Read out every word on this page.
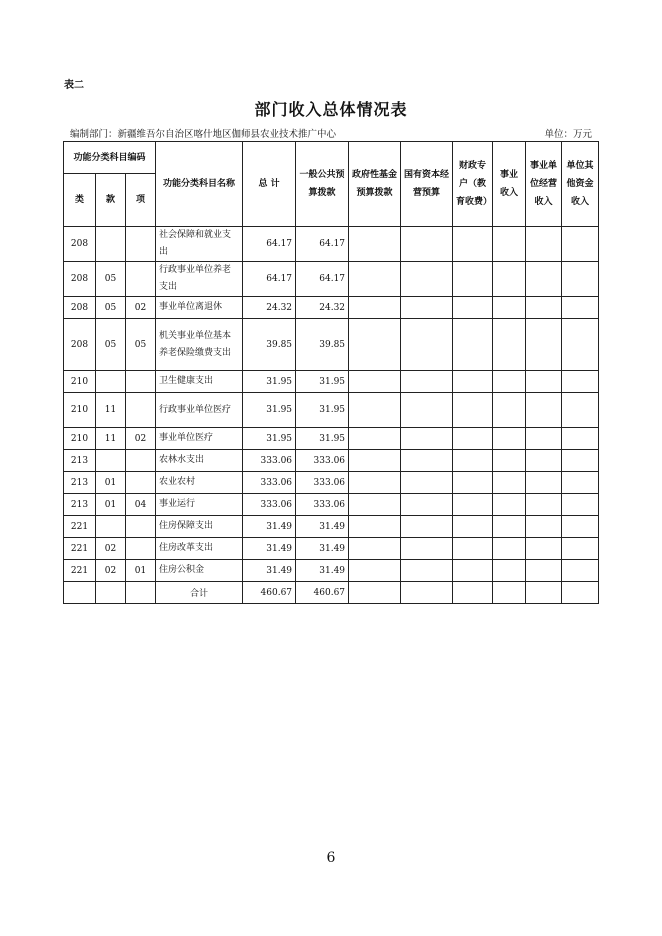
表二
部门收入总体情况表
编制部门：新疆维吾尔自治区喀什地区伽师县农业技术推广中心	单位：万元
功能分类科目编码			功能分类科目名称	总 计	一般公共预算拨款	政府性基金预算拨款	国有资本经营预算	财政专户（教育收费）	事业收入	事业单位经营收入	单位其他资金收入
类	款	项									
208			社会保障和就业支出	64.17	64.17						
208	05		行政事业单位养老支出	64.17	64.17						
208	05	02	事业单位离退休	24.32	24.32						
208	05	05	机关事业单位基本养老保险缴费支出	39.85	39.85						
210			卫生健康支出	31.95	31.95						
210	11		行政事业单位医疗	31.95	31.95						
210	11	02	事业单位医疗	31.95	31.95						
213			农林水支出	333.06	333.06						
213	01		农业农村	333.06	333.06						
213	01	04	事业运行	333.06	333.06						
221			住房保障支出	31.49	31.49						
221	02		住房改革支出	31.49	31.49						
221	02	01	住房公积金	31.49	31.49						
			合计	460.67	460.67						
6
